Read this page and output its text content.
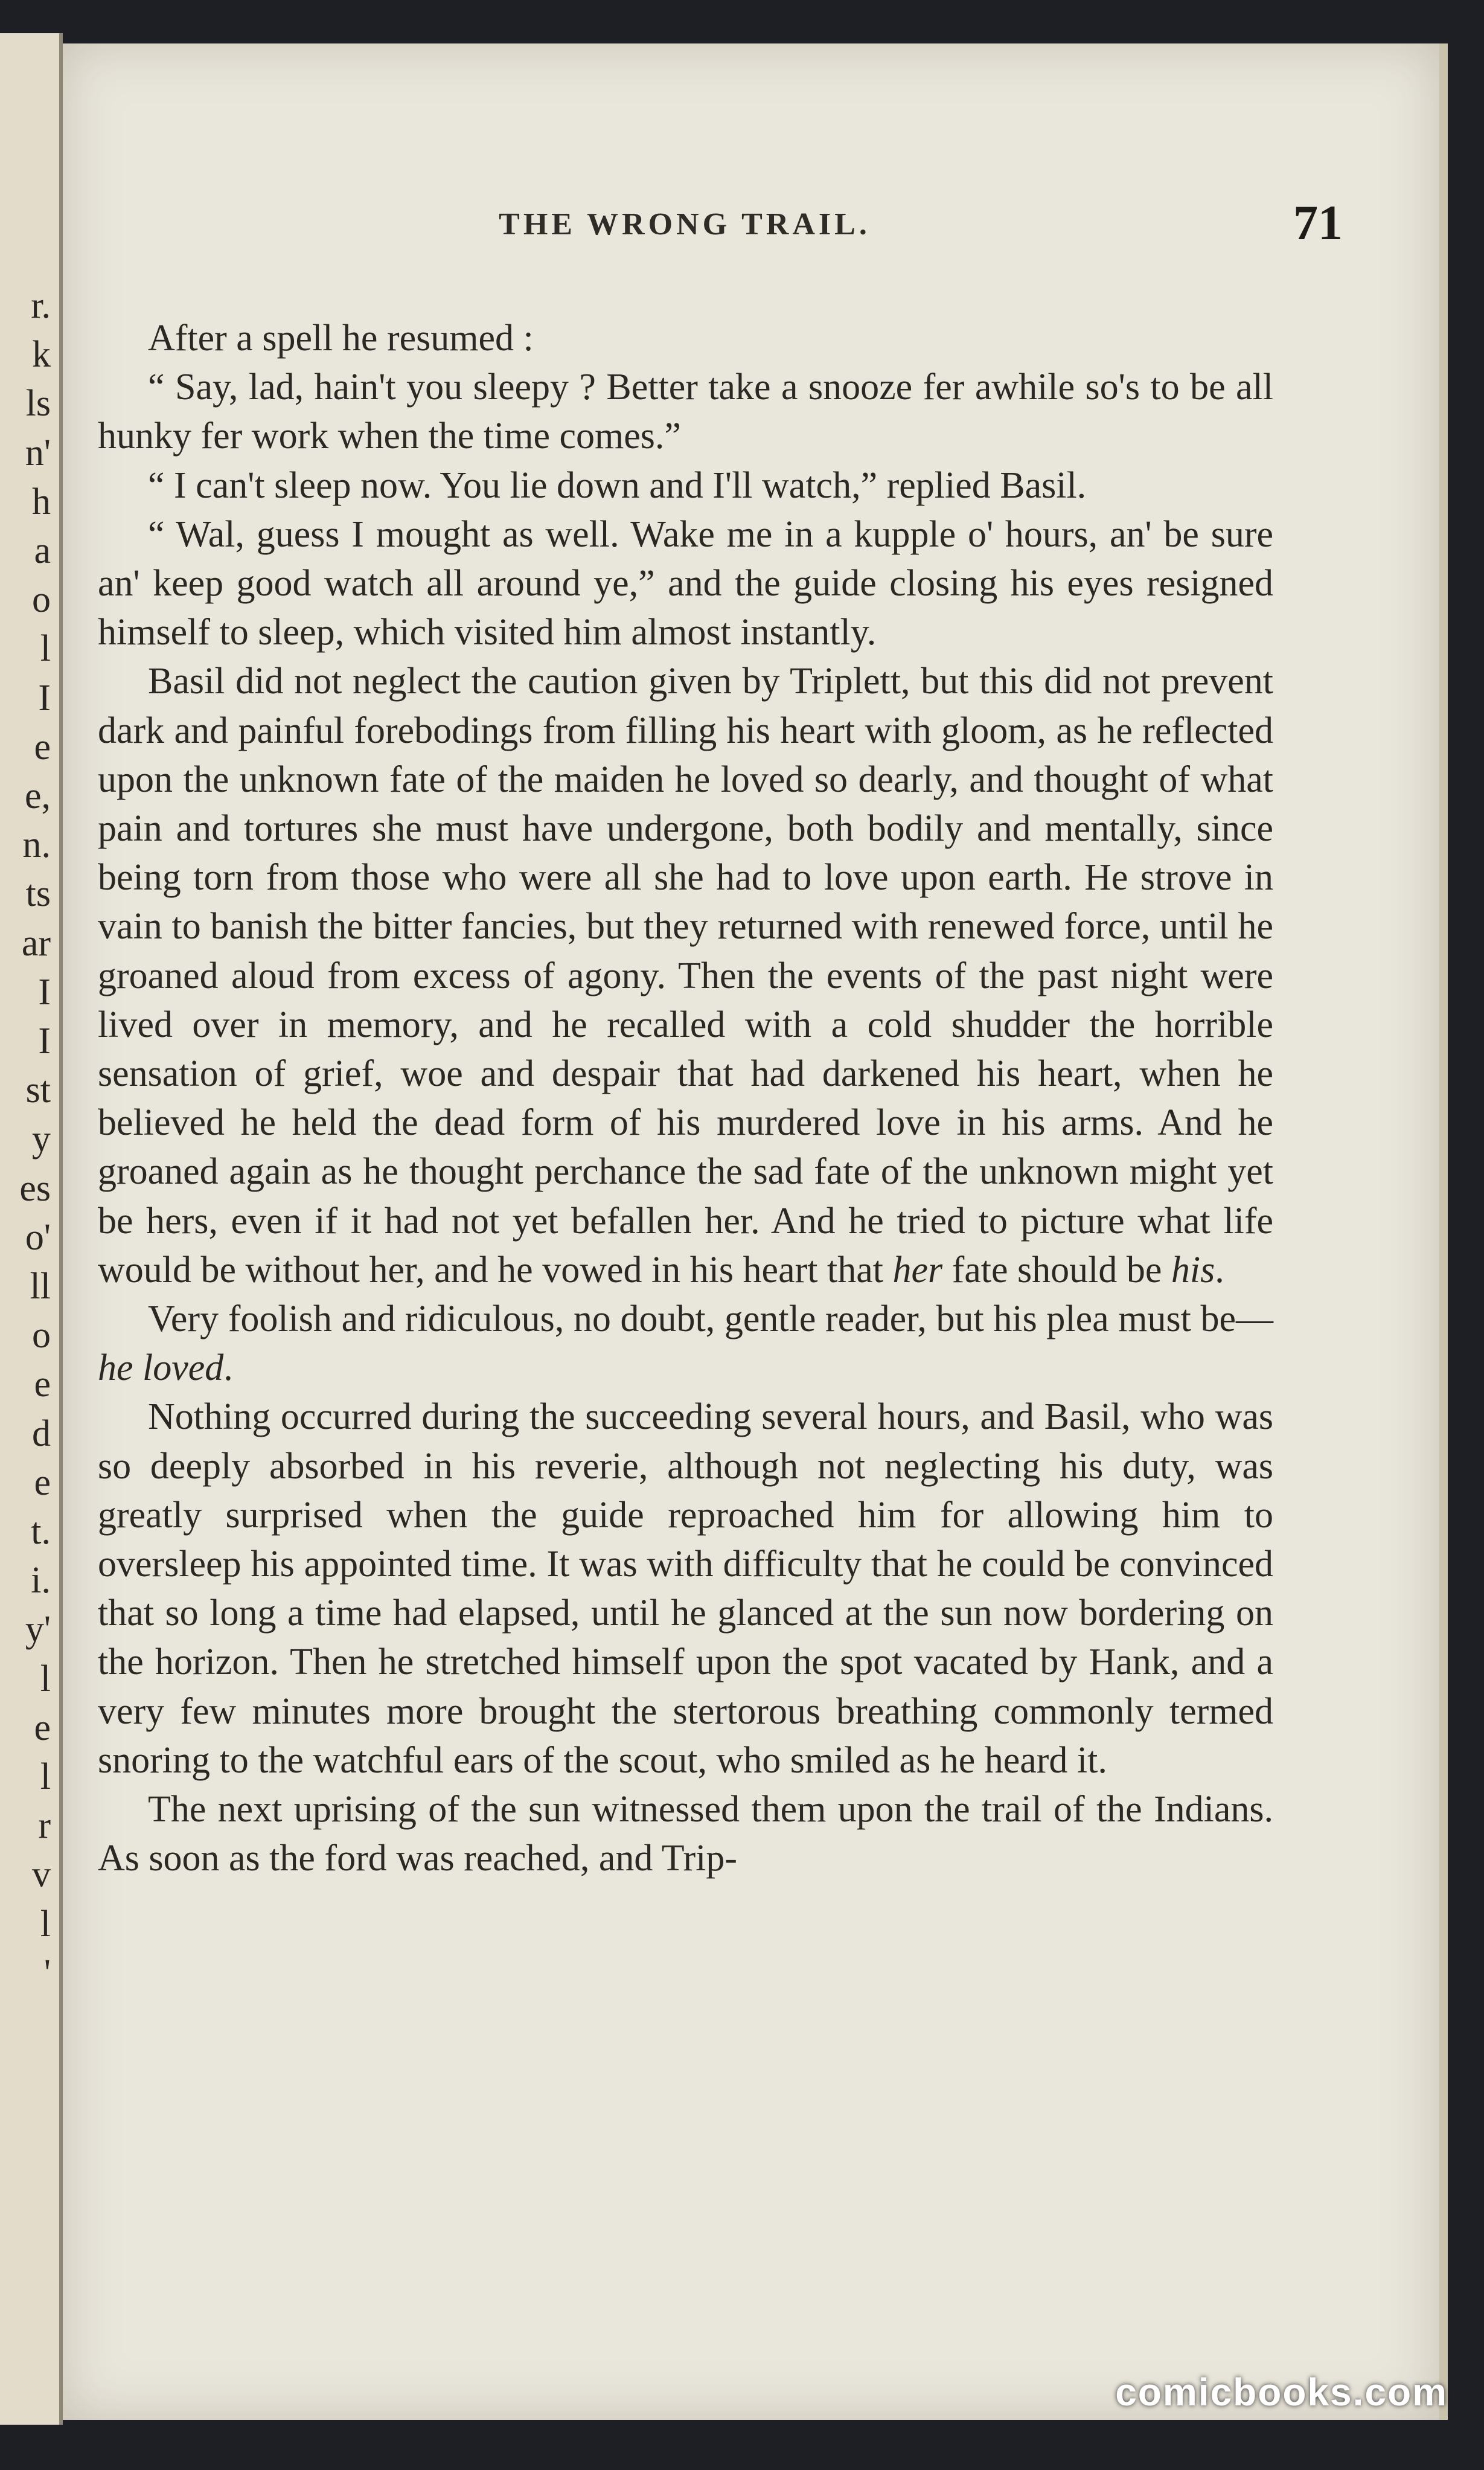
r.
k
ls
n'
h
a
o
l
I
e
e,
n.
ts
ar
I
I
st
y
es
o'
ll
o
e
d
e
t.
i.
y'
l
e
l
r
v
l
'
THE WRONG TRAIL.	71

After a spell he resumed :

“ Say, lad, hain't you sleepy ? Better take a snooze fer awhile so's to be all hunky fer work when the time comes.”

“ I can't sleep now. You lie down and I'll watch,” replied Basil.

“ Wal, guess I mought as well. Wake me in a kupple o' hours, an' be sure an' keep good watch all around ye,” and the guide closing his eyes resigned himself to sleep, which visited him almost instantly.

Basil did not neglect the caution given by Triplett, but this did not prevent dark and painful forebodings from filling his heart with gloom, as he reflected upon the unknown fate of the maiden he loved so dearly, and thought of what pain and tortures she must have undergone, both bodily and mentally, since being torn from those who were all she had to love upon earth. He strove in vain to banish the bitter fancies, but they returned with renewed force, until he groaned aloud from excess of agony. Then the events of the past night were lived over in memory, and he recalled with a cold shudder the horrible sensation of grief, woe and despair that had darkened his heart, when he believed he held the dead form of his murdered love in his arms. And he groaned again as he thought perchance the sad fate of the unknown might yet be hers, even if it had not yet befallen her. And he tried to picture what life would be without her, and he vowed in his heart that her fate should be his.

Very foolish and ridiculous, no doubt, gentle reader, but his plea must be—he loved.

Nothing occurred during the succeeding several hours, and Basil, who was so deeply absorbed in his reverie, although not neglecting his duty, was greatly surprised when the guide reproached him for allowing him to oversleep his appointed time. It was with difficulty that he could be convinced that so long a time had elapsed, until he glanced at the sun now bordering on the horizon. Then he stretched himself upon the spot vacated by Hank, and a very few minutes more brought the stertorous breathing commonly termed snoring to the watchful ears of the scout, who smiled as he heard it.

The next uprising of the sun witnessed them upon the trail of the Indians. As soon as the ford was reached, and Trip-

comicbooks.com
